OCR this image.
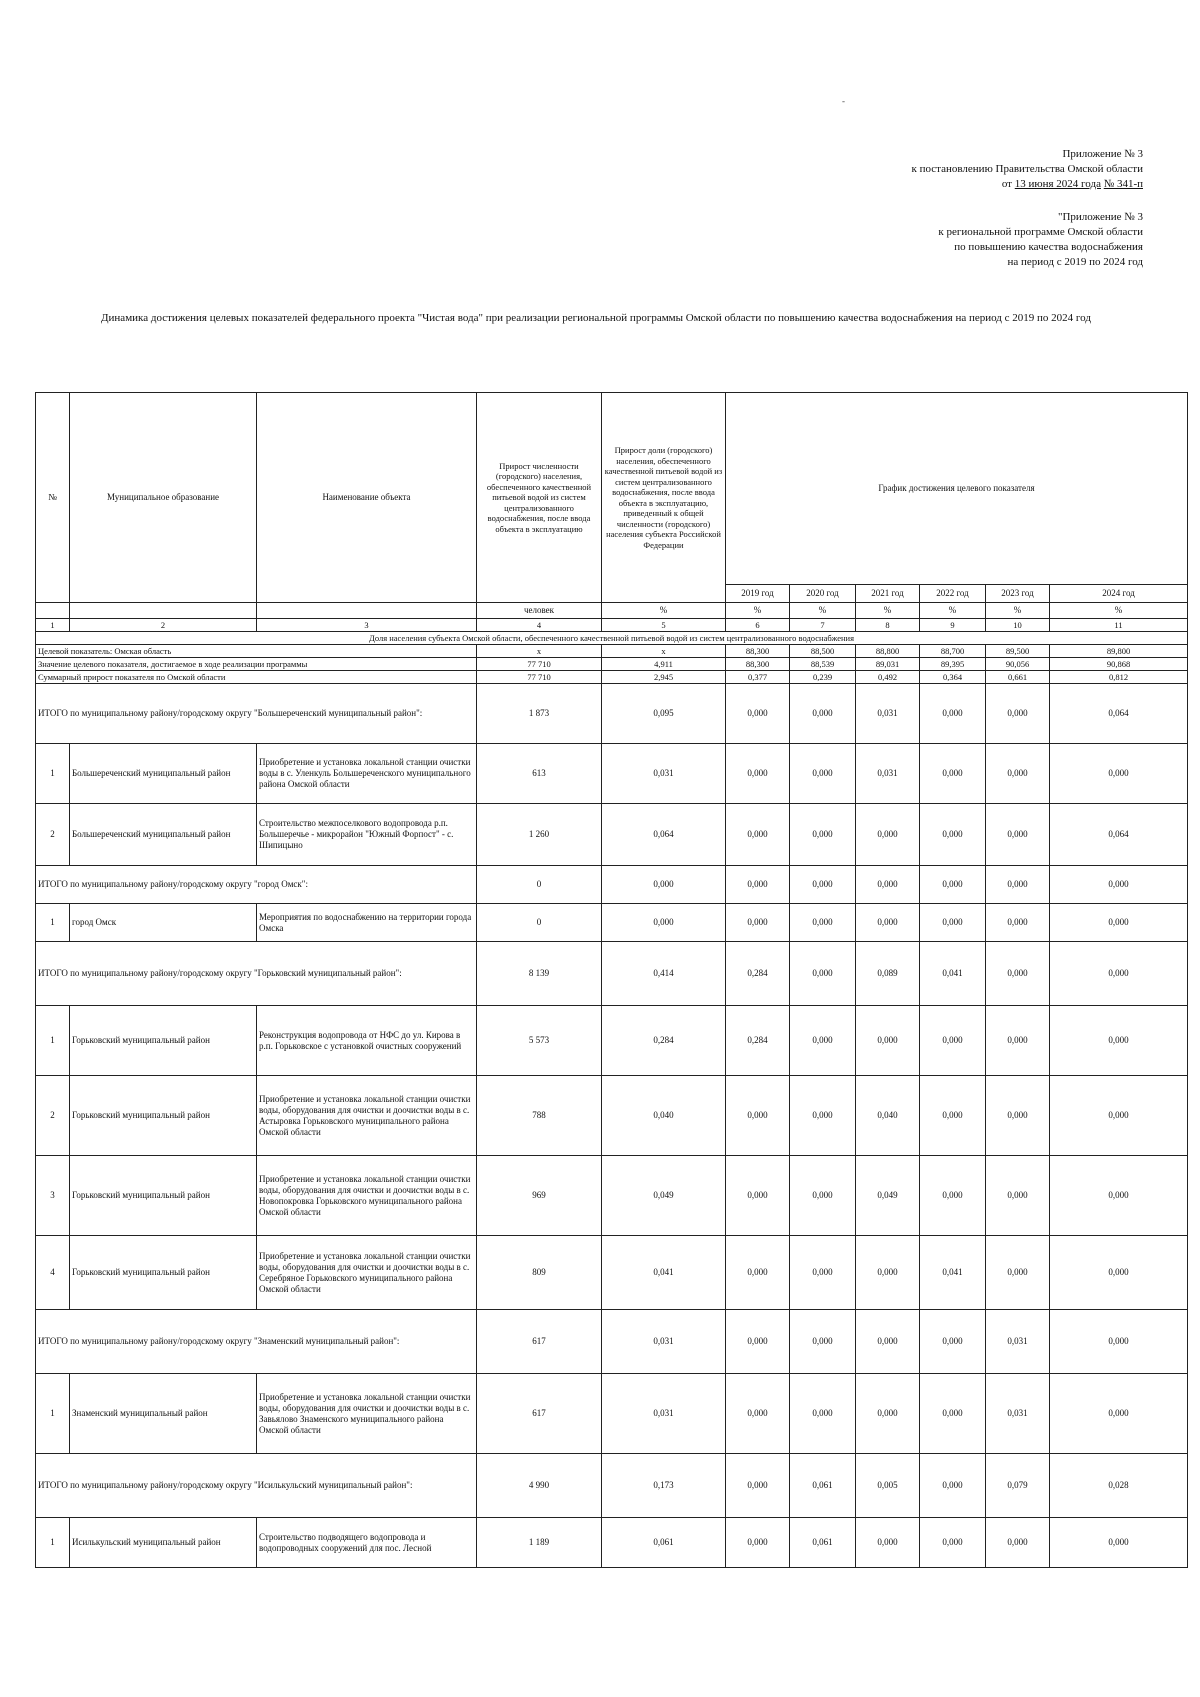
Приложение № 3
к постановлению Правительства Омской области
от 13 июня 2024 года № 341-п
"Приложение № 3
к региональной программе Омской области
по повышению качества водоснабжения
на период с 2019 по 2024 год
Динамика достижения целевых показателей федерального проекта "Чистая вода" при реализации региональной программы Омской области по повышению качества водоснабжения на период с 2019 по 2024 год
№	Муниципальное образование	Наименование объекта	Прирост численности (городского) населения, обеспеченного качественной питьевой водой из систем централизованного водоснабжения, после ввода объекта в эксплуатацию	Прирост доли (городского) населения, обеспеченного качественной питьевой водой из систем централизованного водоснабжения, после ввода объекта в эксплуатацию, приведенный к общей численности (городского) населения субъекта Российской Федерации	График достижения целевого показателя					
					2019 год	2020 год	2021 год	2022 год	2023 год	2024 год
			человек	%	%	%	%	%	%	%
1	2	3	4	5	6	7	8	9	10	11
Доля населения субъекта Омской области, обеспеченного качественной питьевой водой из систем централизованного водоснабжения										
Целевой показатель: Омская область			x	x	88,300	88,500	88,800	88,700	89,500	89,800
Значение целевого показателя, достигаемое в ходе реализации программы			77 710	4,911	88,300	88,539	89,031	89,395	90,056	90,868
Суммарный прирост показателя по Омской области			77 710	2,945	0,377	0,239	0,492	0,364	0,661	0,812
ИТОГО по муниципальному району/городскому округу "Большереченский муниципальный район":			1 873	0,095	0,000	0,000	0,031	0,000	0,000	0,064
1	Большереченский муниципальный район	Приобретение и установка локальной станции очистки воды в с. Уленкуль Большереченского муниципального района Омской области	613	0,031	0,000	0,000	0,031	0,000	0,000	0,000
2	Большереченский муниципальный район	Строительство межпоселкового водопровода р.п. Большеречье - микрорайон "Южный Форпост" - с. Шипицыно	1 260	0,064	0,000	0,000	0,000	0,000	0,000	0,064
ИТОГО по муниципальному району/городскому округу "город Омск":			0	0,000	0,000	0,000	0,000	0,000	0,000	0,000
1	город Омск	Мероприятия по водоснабжению на территории города Омска	0	0,000	0,000	0,000	0,000	0,000	0,000	0,000
ИТОГО по муниципальному району/городскому округу "Горьковский муниципальный район":			8 139	0,414	0,284	0,000	0,089	0,041	0,000	0,000
1	Горьковский муниципальный район	Реконструкция водопровода от НФС до ул. Кирова в р.п. Горьковское с установкой очистных сооружений	5 573	0,284	0,284	0,000	0,000	0,000	0,000	0,000
2	Горьковский муниципальный район	Приобретение и установка локальной станции очистки воды, оборудования для очистки и доочистки воды в с. Астыровка Горьковского муниципального района Омской области	788	0,040	0,000	0,000	0,040	0,000	0,000	0,000
3	Горьковский муниципальный район	Приобретение и установка локальной станции очистки воды, оборудования для очистки и доочистки воды в с. Новопокровка Горьковского муниципального района Омской области	969	0,049	0,000	0,000	0,049	0,000	0,000	0,000
4	Горьковский муниципальный район	Приобретение и установка локальной станции очистки воды, оборудования для очистки и доочистки воды в с. Серебряное Горьковского муниципального района Омской области	809	0,041	0,000	0,000	0,000	0,041	0,000	0,000
ИТОГО по муниципальному району/городскому округу "Знаменский муниципальный район":			617	0,031	0,000	0,000	0,000	0,000	0,031	0,000
1	Знаменский муниципальный район	Приобретение и установка локальной станции очистки воды, оборудования для очистки и доочистки воды в с. Завьялово Знаменского муниципального района Омской области	617	0,031	0,000	0,000	0,000	0,000	0,031	0,000
ИТОГО по муниципальному району/городскому округу "Исилькульский муниципальный район":			4 990	0,173	0,000	0,061	0,005	0,000	0,079	0,028
1	Исилькульский муниципальный район	Строительство подводящего водопровода и водопроводных сооружений для пос. Лесной	1 189	0,061	0,000	0,061	0,000	0,000	0,000	0,000
-
